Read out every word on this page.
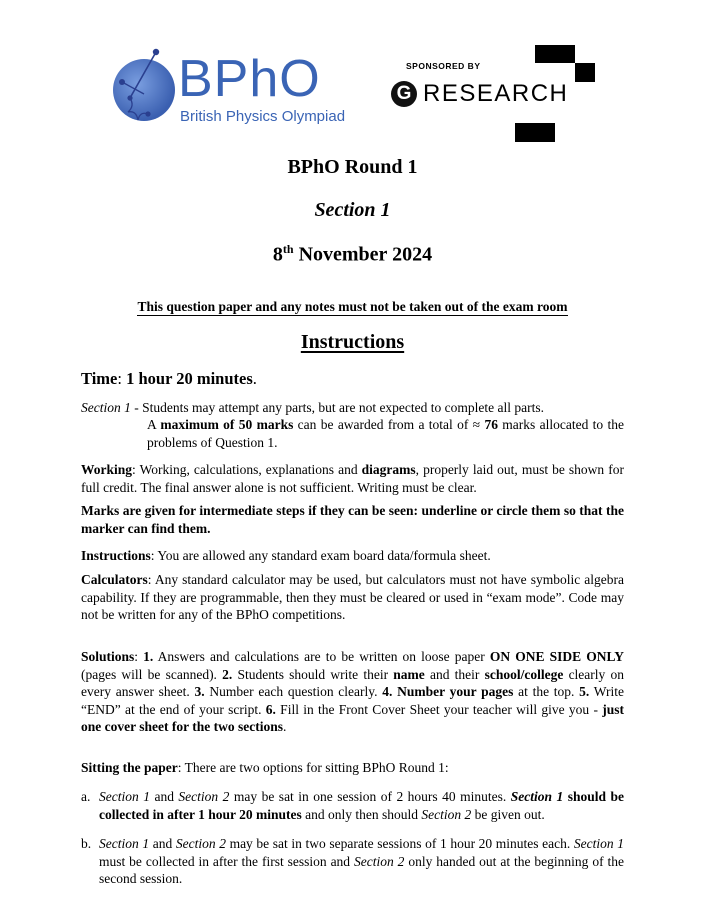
BPhO
British Physics Olympiad
SPONSORED BY
G RESEARCH
BPhO Round 1
Section 1
8th November 2024
This question paper and any notes must not be taken out of the exam room
Instructions
Time: 1 hour 20 minutes.
Section 1 - Students may attempt any parts, but are not expected to complete all parts.
A maximum of 50 marks can be awarded from a total of ≈ 76 marks allocated to the problems of Question 1.
Working: Working, calculations, explanations and diagrams, properly laid out, must be shown for full credit. The final answer alone is not sufficient. Writing must be clear.
Marks are given for intermediate steps if they can be seen: underline or circle them so that the marker can find them.
Instructions: You are allowed any standard exam board data/formula sheet.
Calculators: Any standard calculator may be used, but calculators must not have symbolic algebra capability. If they are programmable, then they must be cleared or used in “exam mode”. Code may not be written for any of the BPhO competitions.
Solutions: 1. Answers and calculations are to be written on loose paper ON ONE SIDE ONLY (pages will be scanned). 2. Students should write their name and their school/college clearly on every answer sheet. 3. Number each question clearly. 4. Number your pages at the top. 5. Write “END” at the end of your script. 6. Fill in the Front Cover Sheet your teacher will give you - just one cover sheet for the two sections.
Sitting the paper: There are two options for sitting BPhO Round 1:
a. Section 1 and Section 2 may be sat in one session of 2 hours 40 minutes. Section 1 should be collected in after 1 hour 20 minutes and only then should Section 2 be given out.
b. Section 1 and Section 2 may be sat in two separate sessions of 1 hour 20 minutes each. Section 1 must be collected in after the first session and Section 2 only handed out at the beginning of the second session.
